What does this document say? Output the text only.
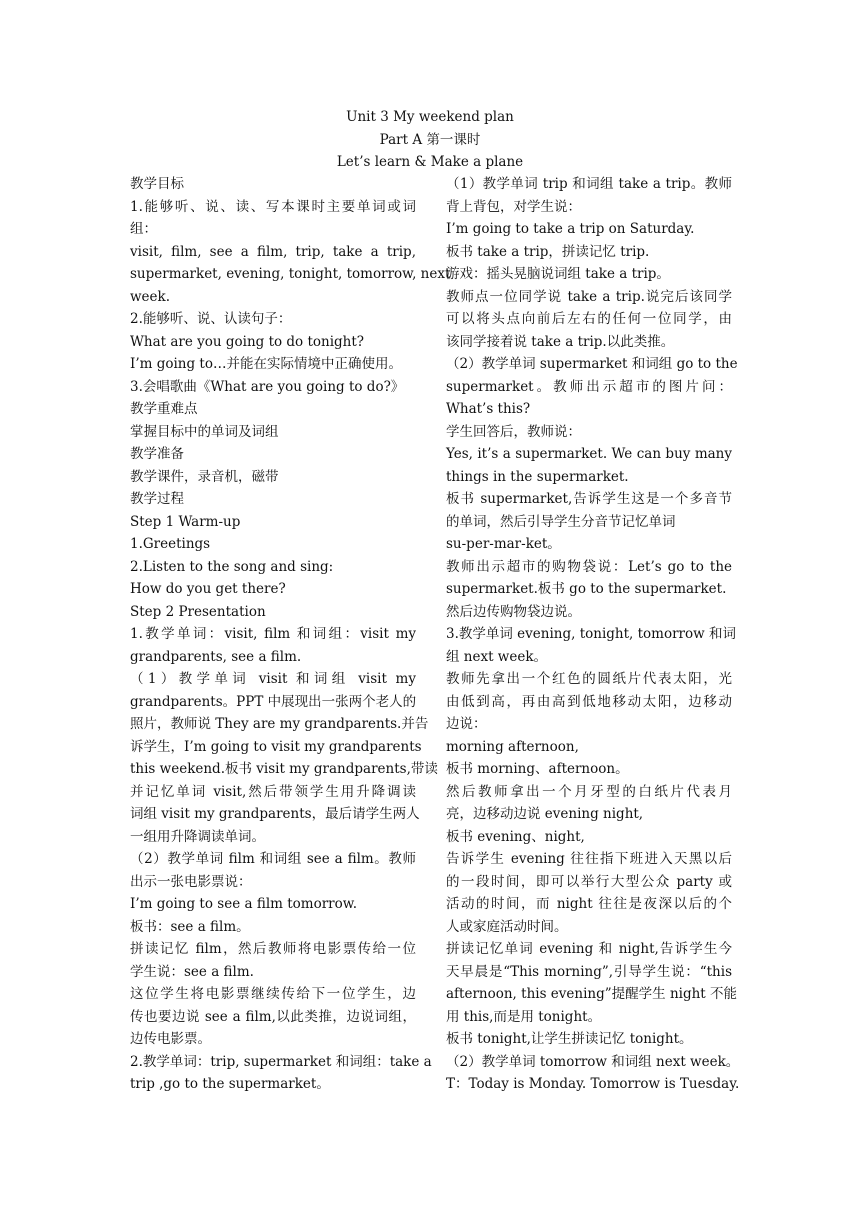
Unit 3 My weekend plan
Part A 第一课时
Let’s learn & Make a plane
教学目标
1.能够听、说、读、写本课时主要单词或词
组：
visit, film, see a film, trip, take a trip,
supermarket, evening, tonight, tomorrow, next
week.
2.能够听、说、认读句子：
What are you going to do tonight?
I’m going to…并能在实际情境中正确使用。
3.会唱歌曲《What are you going to do?》
教学重难点
掌握目标中的单词及词组
教学准备
教学课件，录音机，磁带
教学过程
Step 1 Warm-up
1.Greetings
2.Listen to the song and sing:
How do you get there?
Step 2 Presentation
1.教学单词：visit, film 和词组：visit my
grandparents, see a film.
（1）教学单词 visit 和词组 visit my
grandparents。PPT 中展现出一张两个老人的
照片，教师说 They are my grandparents.并告
诉学生，I’m going to visit my grandparents
this weekend.板书 visit my grandparents,带读
并记忆单词 visit,然后带领学生用升降调读
词组 visit my grandparents，最后请学生两人
一组用升降调读单词。
（2）教学单词 film 和词组 see a film。教师
出示一张电影票说：
I’m going to see a film tomorrow.
板书：see a film。
拼读记忆 film，然后教师将电影票传给一位
学生说：see a film.
这位学生将电影票继续传给下一位学生，边
传也要边说 see a film,以此类推，边说词组，
边传电影票。
2.教学单词：trip, supermarket 和词组：take a
trip ,go to the supermarket。
（1）教学单词 trip 和词组 take a trip。教师
背上背包，对学生说：
I’m going to take a trip on Saturday.
板书 take a trip，拼读记忆 trip.
游戏：摇头晃脑说词组 take a trip。
教师点一位同学说 take a trip.说完后该同学
可以将头点向前后左右的任何一位同学，由
该同学接着说 take a trip.以此类推。
（2）教学单词 supermarket 和词组 go to the
supermarket。教师出示超市的图片问：
What’s this?
学生回答后，教师说：
Yes, it’s a supermarket. We can buy many
things in the supermarket.
板书 supermarket,告诉学生这是一个多音节
的单词，然后引导学生分音节记忆单词
su-per-mar-ket。
教师出示超市的购物袋说：Let’s go to the
supermarket.板书 go to the supermarket.
然后边传购物袋边说。
3.教学单词 evening, tonight, tomorrow 和词
组 next week。
教师先拿出一个红色的圆纸片代表太阳，光
由低到高，再由高到低地移动太阳，边移动
边说：
morning afternoon,
板书 morning、afternoon。
然后教师拿出一个月牙型的白纸片代表月
亮，边移动边说 evening night,
板书 evening、night,
告诉学生 evening 往往指下班进入天黑以后
的一段时间，即可以举行大型公众 party 或
活动的时间，而 night 往往是夜深以后的个
人或家庭活动时间。
拼读记忆单词 evening 和 night,告诉学生今
天早晨是“This morning”,引导学生说：“this
afternoon, this evening”提醒学生 night 不能
用 this,而是用 tonight。
板书 tonight,让学生拼读记忆 tonight。
（2）教学单词 tomorrow 和词组 next week。
T：Today is Monday. Tomorrow is Tuesday.
